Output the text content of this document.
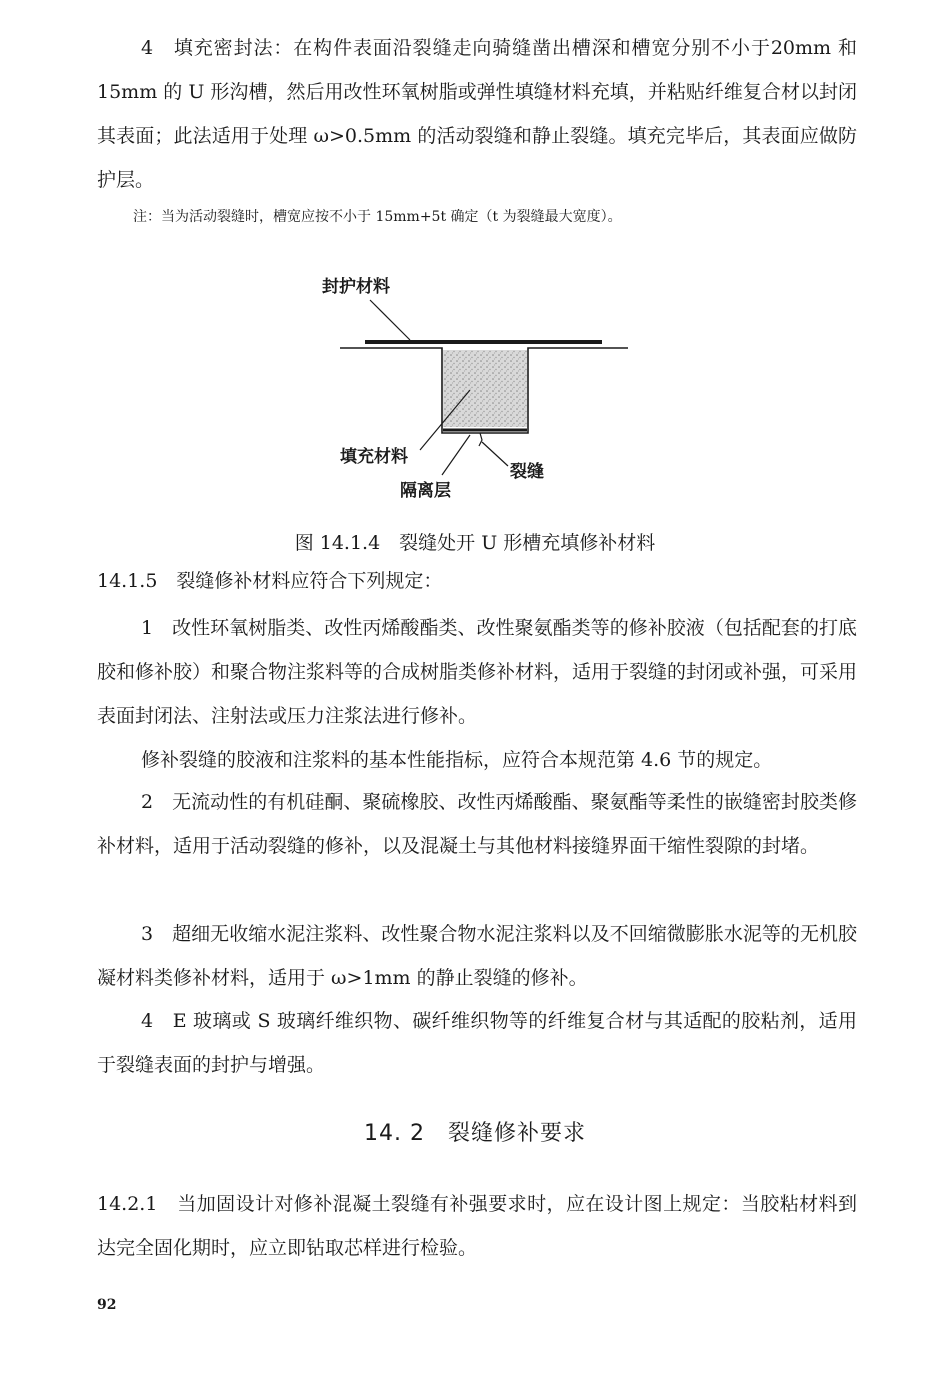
4　填充密封法：在构件表面沿裂缝走向骑缝凿出槽深和槽宽分别不小于20mm 和 15mm 的 U 形沟槽，然后用改性环氧树脂或弹性填缝材料充填，并粘贴纤维复合材以封闭其表面；此法适用于处理 ω>0.5mm 的活动裂缝和静止裂缝。填充完毕后，其表面应做防护层。
注：当为活动裂缝时，槽宽应按不小于 15mm+5t 确定（t 为裂缝最大宽度）。
封护材料
填充材料
裂缝
隔离层
图 14.1.4　裂缝处开 U 形槽充填修补材料
14.1.5　裂缝修补材料应符合下列规定：
1　改性环氧树脂类、改性丙烯酸酯类、改性聚氨酯类等的修补胶液（包括配套的打底胶和修补胶）和聚合物注浆料等的合成树脂类修补材料，适用于裂缝的封闭或补强，可采用表面封闭法、注射法或压力注浆法进行修补。
修补裂缝的胶液和注浆料的基本性能指标，应符合本规范第 4.6 节的规定。
2　无流动性的有机硅酮、聚硫橡胶、改性丙烯酸酯、聚氨酯等柔性的嵌缝密封胶类修补材料，适用于活动裂缝的修补，以及混凝土与其他材料接缝界面干缩性裂隙的封堵。
3　超细无收缩水泥注浆料、改性聚合物水泥注浆料以及不回缩微膨胀水泥等的无机胶凝材料类修补材料，适用于 ω>1mm 的静止裂缝的修补。
4　E 玻璃或 S 玻璃纤维织物、碳纤维织物等的纤维复合材与其适配的胶粘剂，适用于裂缝表面的封护与增强。
14. 2　裂缝修补要求
14.2.1　当加固设计对修补混凝土裂缝有补强要求时，应在设计图上规定：当胶粘材料到达完全固化期时，应立即钻取芯样进行检验。
92
